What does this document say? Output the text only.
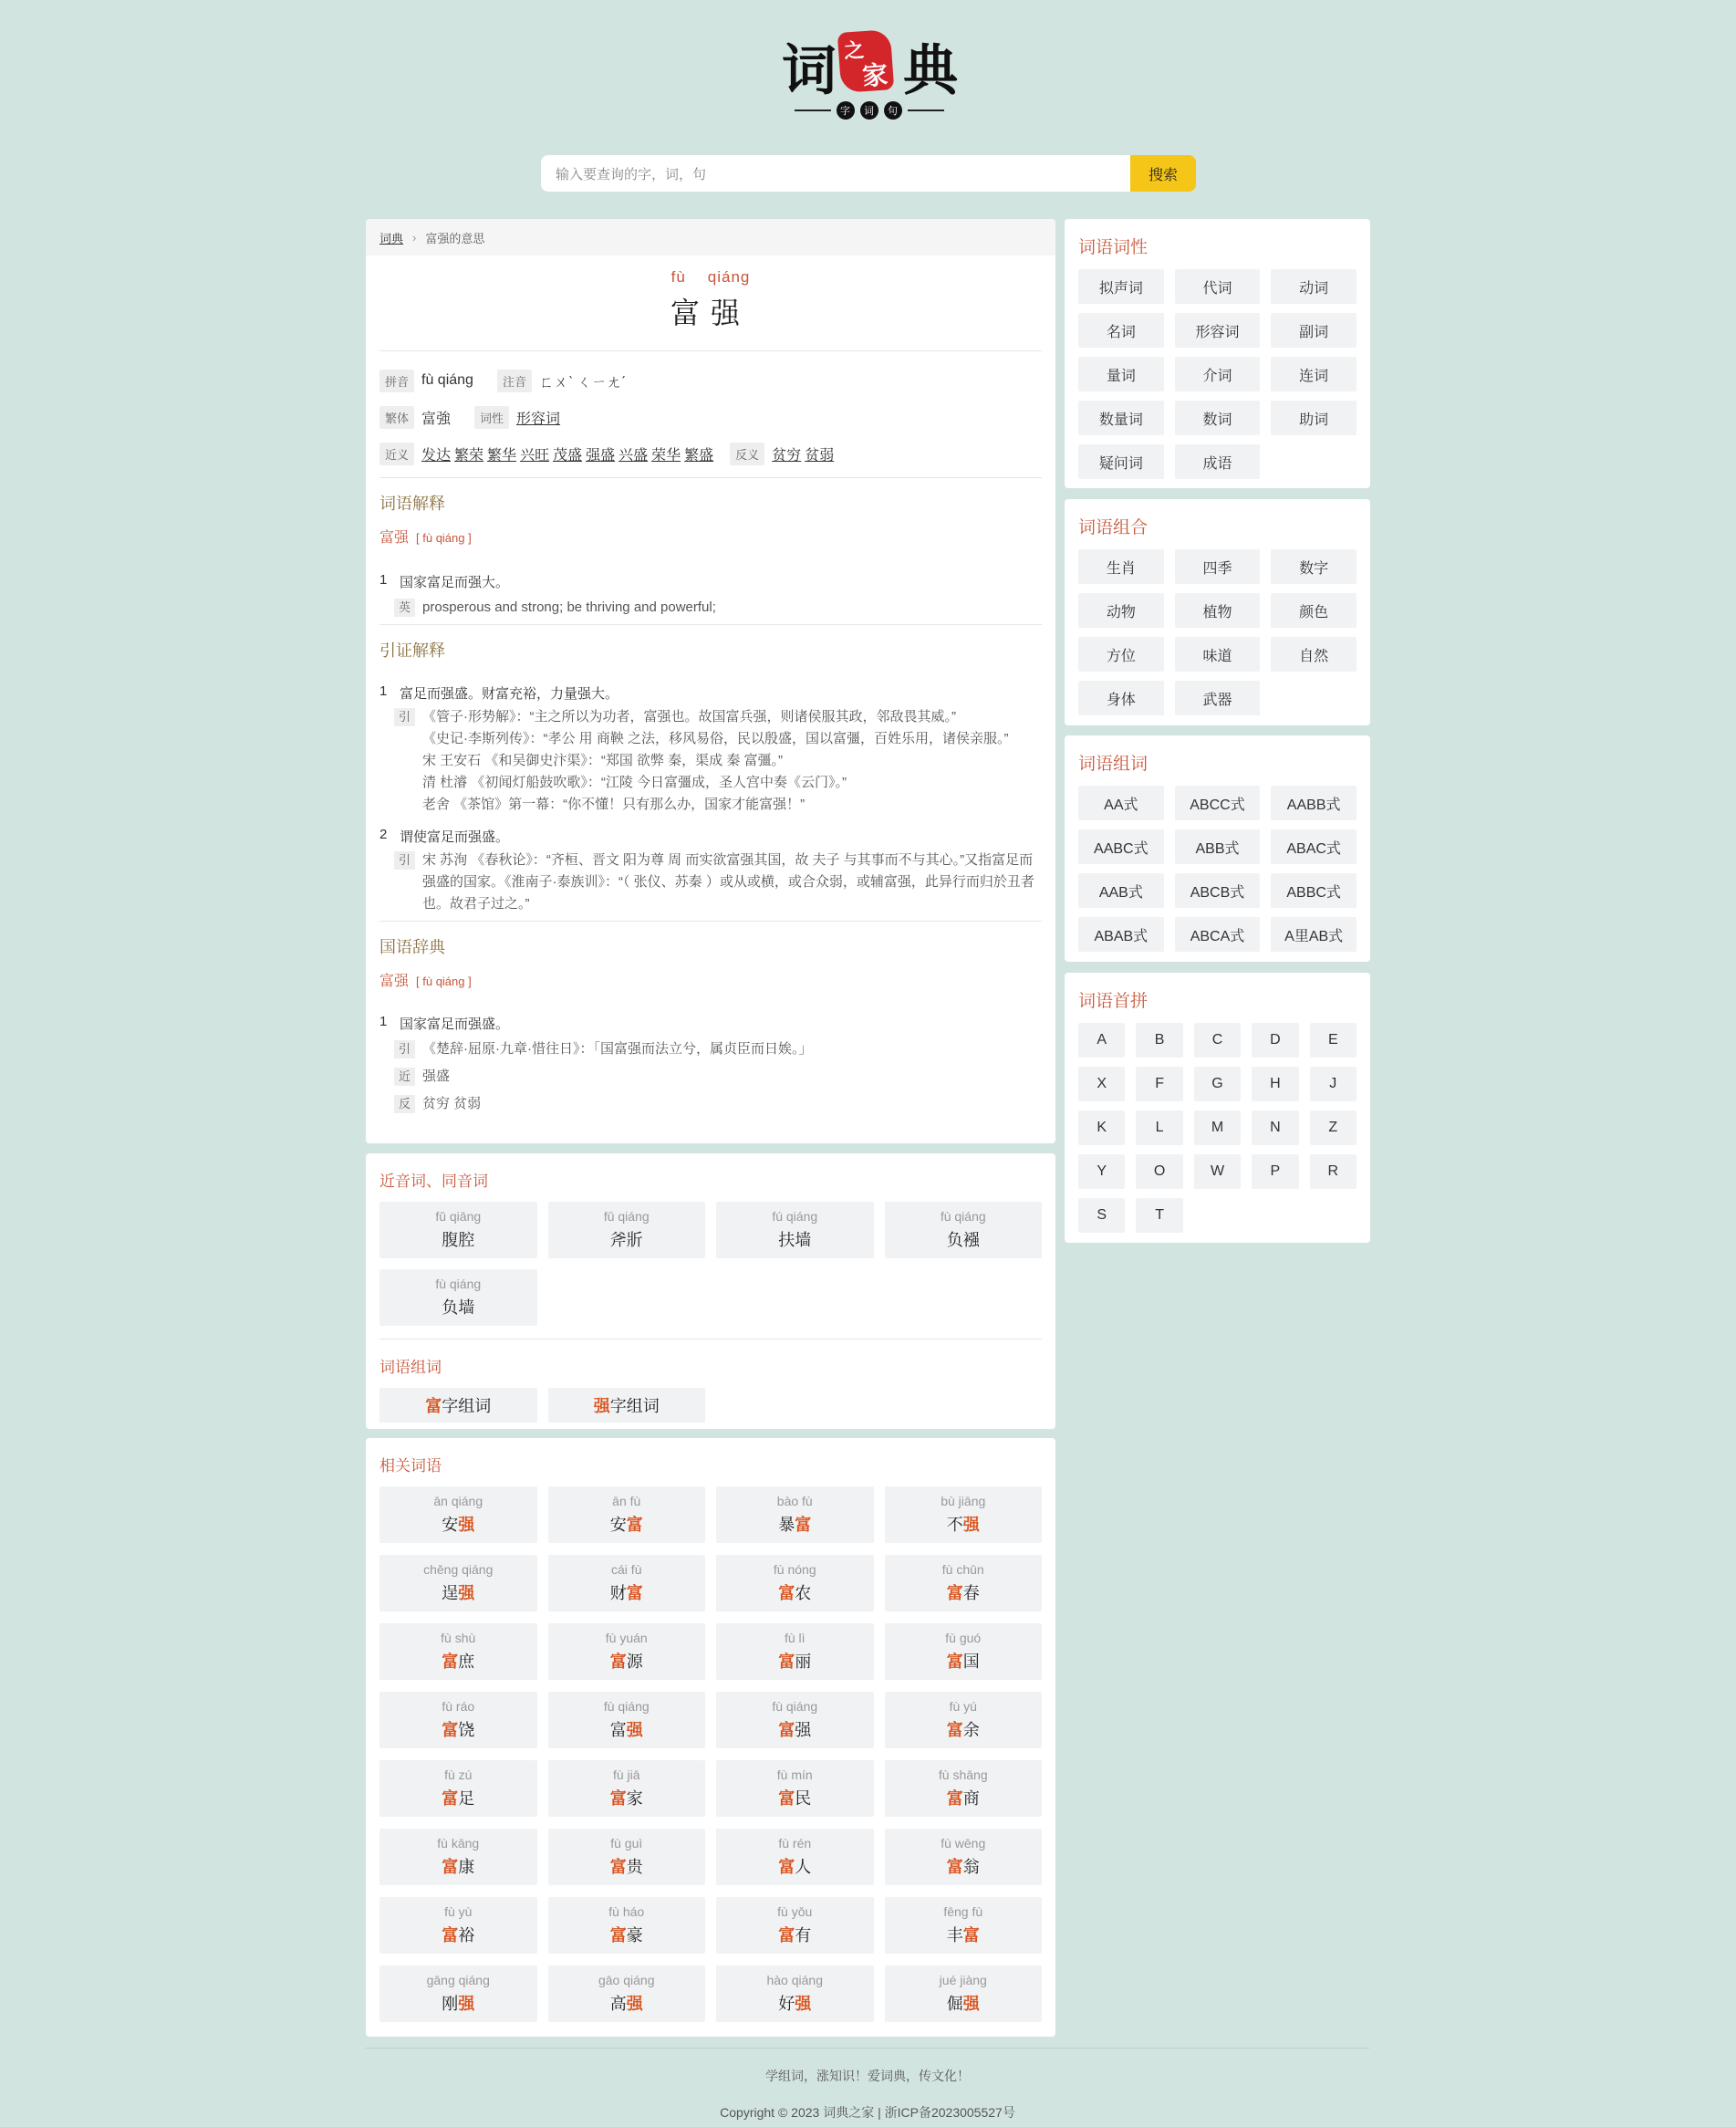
词 之
家 典
字	词	句
输入要查询的字，词，句	搜索
词典 › 富强的意思
fù qiáng
富强
拼音 fù qiáng	注音 ㄈㄨˋ ㄑㄧㄤˊ
繁体 富強	词性 形容词
近义 发达 繁荣 繁华 兴旺 茂盛 强盛 兴盛 荣华 繁盛	反义 贫穷 贫弱
词语解释
富强 [ fù qiáng ]
1 国家富足而强大。
英 prosperous and strong; be thriving and powerful;
引证解释
1 富足而强盛。财富充裕，力量强大。
引 《管子·形势解》：“主之所以为功者，富强也。故国富兵强，则诸侯服其政，邻敌畏其威。”
《史记·李斯列传》：“孝公 用 商鞅 之法，移风易俗，民以殷盛，国以富彊，百姓乐用，诸侯亲服。”
宋 王安石 《和吴御史汴渠》：“郑国 欲弊 秦，渠成 秦 富彊。”
清 杜濬 《初闻灯船鼓吹歌》：“江陵 今日富彊成，圣人宫中奏《云门》。”
老舍 《茶馆》第一幕：“你不懂！只有那么办，国家才能富强！”
2 谓使富足而强盛。
引 宋 苏洵 《春秋论》：“齐桓、晋文 阳为尊 周 而实欲富强其国，故 夫子 与其事而不与其心。”又指富足而强盛的国家。《淮南子·泰族训》：“（ 张仪、苏秦 ）或从或横，或合众弱，或辅富强，此异行而归於丑者也。故君子过之。”
国语辞典
富强 [ fù qiáng ]
1 国家富足而强盛。
引 《楚辞·屈原·九章·惜往日》：「国富强而法立兮，属贞臣而日娭。」
近 强盛
反 贫穷 贫弱
近音词、同音词
fǔ qiāng
腹腔
fǔ qiáng
斧斨
fú qiáng
扶墙
fù qiáng
负襁
fù qiáng
负墙
词语组词
富 字组词	强 字组词
相关词语
ān qiáng
安强
ān fù
安富
bào fù
暴富
bù jiāng
不强
chěng qiáng
逞强
cái fù
财富
fù nóng
富农
fù chūn
富春
fù shù
富庶
fù yuán
富源
fù lì
富丽
fù guó
富国
fù ráo
富饶
fù qiáng
富强
fù qiáng
富强
fù yú
富余
fù zú
富足
fù jiā
富家
fù mín
富民
fù shāng
富商
fù kāng
富康
fù guì
富贵
fù rén
富人
fù wēng
富翁
fù yù
富裕
fù háo
富豪
fù yǒu
富有
fēng fù
丰富
gāng qiáng
刚强
gāo qiáng
高强
hào qiáng
好强
jué jiàng
倔强
词语词性
拟声词	代词	动词
名词	形容词	副词
量词	介词	连词
数量词	数词	助词
疑问词	成语
词语组合
生肖	四季	数字
动物	植物	颜色
方位	味道	自然
身体	武器
词语组词
AA式	ABCC式	AABB式
AABC式	ABB式	ABAC式
AAB式	ABCB式	ABBC式
ABAB式	ABCA式	A里AB式
词语首拼
A	B	C	D	E
X	F	G	H	J
K	L	M	N	Z
Y	O	W	P	R
S	T
学组词，涨知识！爱词典，传文化！
Copyright © 2023 词典之家 | 浙ICP备2023005527号
